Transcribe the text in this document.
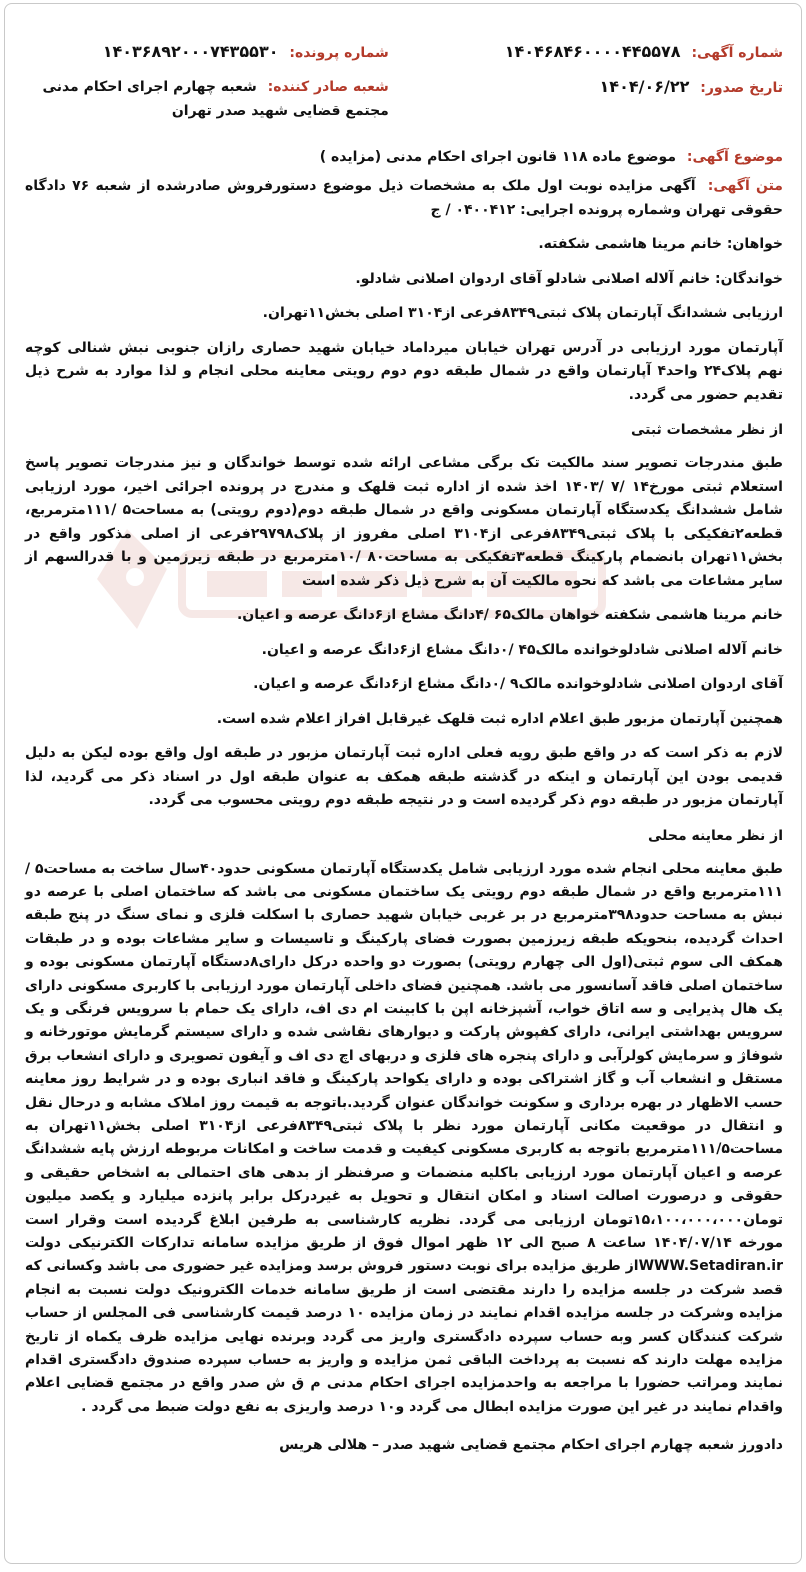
شماره آگهی: ۱۴۰۴۶۸۴۶۰۰۰۰۴۴۵۵۷۸
تاریخ صدور: ۱۴۰۴/۰۶/۲۲
شماره پرونده: ۱۴۰۳۶۸۹۲۰۰۰۷۴۳۵۵۳۰
شعبه صادر کننده: شعبه چهارم اجرای احکام مدنی مجتمع قضایی شهید صدر تهران
موضوع آگهی: موضوع ماده ۱۱۸ قانون اجرای احکام مدنی (مزایده )
متن آگهی: آگهی مزایده نوبت اول ملک به مشخصات ذیل موضوع دستورفروش صادرشده از شعبه ۷۶ دادگاه حقوقی تهران وشماره پرونده اجرایی: ۰۴۰۰۴۱۲ / ج
خواهان: خانم مرینا هاشمی شکفته.
خواندگان: خانم آلاله اصلانی شادلو آقای اردوان اصلانی شادلو.
ارزیابی ششدانگ آپارتمان پلاک ثبتی۸۳۴۹فرعی از۳۱۰۴ اصلی بخش۱۱تهران.
آپارتمان مورد ارزیابی در آدرس تهران خیابان میرداماد خیابان شهید حصاری رازان جنوبی نبش شنالی کوچه نهم پلاک۲۴ واحد۴ آپارتمان واقع در شمال طبقه دوم دوم رویتی معاینه محلی انجام و لذا موارد به شرح ذیل تقدیم حضور می گردد.
از نظر مشخصات ثبتی
طبق مندرجات تصویر سند مالکیت تک برگی مشاعی ارائه شده توسط خواندگان و نیز مندرجات تصویر پاسخ استعلام ثبتی مورخ۱۴ /۷ /۱۴۰۳ اخذ شده از اداره ثبت قلهک و مندرج در پرونده اجرائی اخیر، مورد ارزیابی شامل ششدانگ یکدستگاه آپارتمان مسکونی واقع در شمال طبقه دوم(دوم رویتی) به مساحت۵ /۱۱۱مترمربع، قطعه۲تفکیکی با پلاک ثبتی۸۳۴۹فرعی از۳۱۰۴ اصلی مفروز از پلاک۲۹۷۹۸فرعی از اصلی مذکور واقع در بخش۱۱تهران بانضمام پارکینگ قطعه۳تفکیکی به مساحت۸۰ /۱۰مترمربع در طبقه زیرزمین و با قدرالسهم از سایر مشاعات می باشد که نحوه مالکیت آن به شرح ذیل ذکر شده است
خانم مرینا هاشمی شکفته خواهان مالک۶۵ /۴دانگ مشاع از۶دانگ عرصه و اعیان.
خانم آلاله اصلانی شادلوخوانده مالک۴۵ /۰دانگ مشاع از۶دانگ عرصه و اعیان.
آقای اردوان اصلانی شادلوخوانده مالک۹ /۰دانگ مشاع از۶دانگ عرصه و اعیان.
همچنین آپارتمان مزبور طبق اعلام اداره ثبت قلهک غیرقابل افراز اعلام شده است.
لازم به ذکر است که در واقع طبق رویه فعلی اداره ثبت آپارتمان مزبور در طبقه اول واقع بوده لیکن به دلیل قدیمی بودن این آپارتمان و اینکه در گذشته طبقه همکف به عنوان طبقه اول در اسناد ذکر می گردید، لذا آپارتمان مزبور در طبقه دوم ذکر گردیده است و در نتیجه طبقه دوم رویتی محسوب می گردد.
از نظر معاینه محلی
طبق معاینه محلی انجام شده مورد ارزیابی شامل یکدستگاه آپارتمان مسکونی حدود۴۰سال ساخت به مساحت۵ /۱۱۱مترمربع واقع در شمال طبقه دوم رویتی یک ساختمان مسکونی می باشد که ساختمان اصلی با عرصه دو نبش به مساحت حدود۳۹۸مترمربع در بر غربی خیابان شهید حصاری با اسکلت فلزی و نمای سنگ در پنج طبقه احداث گردیده، بنحویکه طبقه زیرزمین بصورت فضای پارکینگ و تاسیسات و سایر مشاعات بوده و در طبقات همکف الی سوم ثبتی(اول الی چهارم رویتی) بصورت دو واحده درکل دارای۸دستگاه آپارتمان مسکونی بوده و ساختمان اصلی فاقد آسانسور می باشد. همچنین فضای داخلی آپارتمان مورد ارزیابی با کاربری مسکونی دارای یک هال پذیرایی و سه اتاق خواب، آشپزخانه اپن با کابینت ام دی اف، دارای یک حمام با سرویس فرنگی و یک سرویس بهداشتی ایرانی، دارای کفپوش پارکت و دیوارهای نقاشی شده و دارای سیستم گرمایش موتورخانه و شوفاژ و سرمایش کولرآبی و دارای پنجره های فلزی و دربهای اچ دی اف و آیفون تصویری و دارای انشعاب برق مستقل و انشعاب آب و گاز اشتراکی بوده و دارای یکواحد پارکینگ و فاقد انباری بوده و در شرایط روز معاینه حسب الاظهار در بهره برداری و سکونت خواندگان عنوان گردید.باتوجه به قیمت روز املاک مشابه و درحال نقل و انتقال در موقعیت مکانی آپارتمان مورد نظر با پلاک ثبتی۸۳۴۹فرعی از۳۱۰۴ اصلی بخش۱۱تهران به مساحت۱۱۱/۵مترمربع باتوجه به کاربری مسکونی کیفیت و قدمت ساخت و امکانات مربوطه ارزش پایه ششدانگ عرصه و اعیان آپارتمان مورد ارزیابی باکلیه منضمات و صرفنظر از بدهی های احتمالی به اشخاص حقیقی و حقوقی و درصورت اصالت اسناد و امکان انتقال و تحویل به غیردرکل برابر پانزده میلیارد و یکصد میلیون تومان۱۵،۱۰۰،۰۰۰،۰۰۰تومان ارزیابی می گردد. نظریه کارشناسی به طرفین ابلاغ گردیده است وقرار است مورخه ۱۴۰۴/۰۷/۱۴ ساعت ۸ صبح الی ۱۲ ظهر اموال فوق از طریق مزایده سامانه تدارکات الکترنیکی دولت WWW.Setadiran.irاز طریق مزایده برای نوبت دستور فروش برسد ومزایده غیر حضوری می باشد وکسانی که قصد شرکت در جلسه مزایده را دارند مقتضی است از طریق سامانه خدمات الکترونیک دولت نسبت به انجام مزایده وشرکت در جلسه مزایده اقدام نمایند در زمان مزایده ۱۰ درصد قیمت کارشناسی فی المجلس از حساب شرکت کنندگان کسر وبه حساب سپرده دادگستری واریز می گردد وبرنده نهایی مزایده ظرف یکماه از تاریخ مزایده مهلت دارند که نسبت به پرداخت الباقی ثمن مزایده و واریز به حساب سپرده صندوق دادگستری اقدام نمایند ومراتب حضورا با مراجعه به واحدمزایده اجرای احکام مدنی م ق ش صدر واقع در مجتمع قضایی اعلام واقدام نمایند در غیر این صورت مزایده ابطال می گردد و۱۰ درصد واریزی به نفع دولت ضبط می گردد .
دادورز شعبه چهارم اجرای احکام مجتمع قضایی شهید صدر – هلالی هریس
